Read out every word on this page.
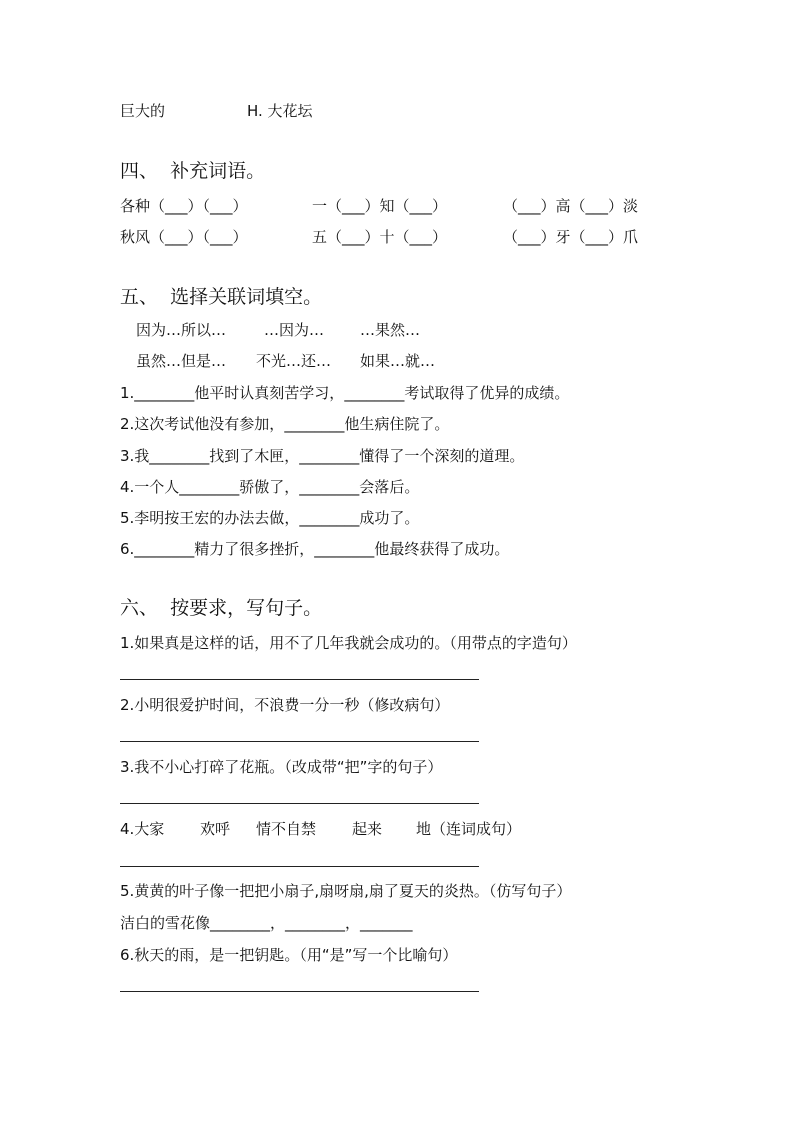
巨大的	H. 大花坛
四、  补充词语。
各种（___）（___）	一（___）知（___）	（___）高（___）淡
秋风（___）（___）	五（___）十（___）	（___）牙（___）爪
五、  选择关联词填空。
因为…所以…	…因为… …果然…
虽然…但是… 不光…还… 如果…就…
1.________他平时认真刻苦学习，________考试取得了优异的成绩。
2.这次考试他没有参加，________他生病住院了。
3.我________找到了木匣，________懂得了一个深刻的道理。
4.一个人________骄傲了，________会落后。
5.李明按王宏的办法去做，________成功了。
6.________精力了很多挫折，________他最终获得了成功。
六、  按要求，写句子。
1.如果真是这样的话，用不了几年我就会成功的。（用带点的字造句）
2.小明很爱护时间，不浪费一分一秒（修改病句）
3.我不小心打碎了花瓶。（改成带“把”字的句子）
4.大家 欢呼 情不自禁 起来 地（连词成句）
5.黄黄的叶子像一把把小扇子,扇呀扇,扇了夏天的炎热。（仿写句子）
洁白的雪花像________，________，_______
6.秋天的雨，是一把钥匙。（用“是”写一个比喻句）
